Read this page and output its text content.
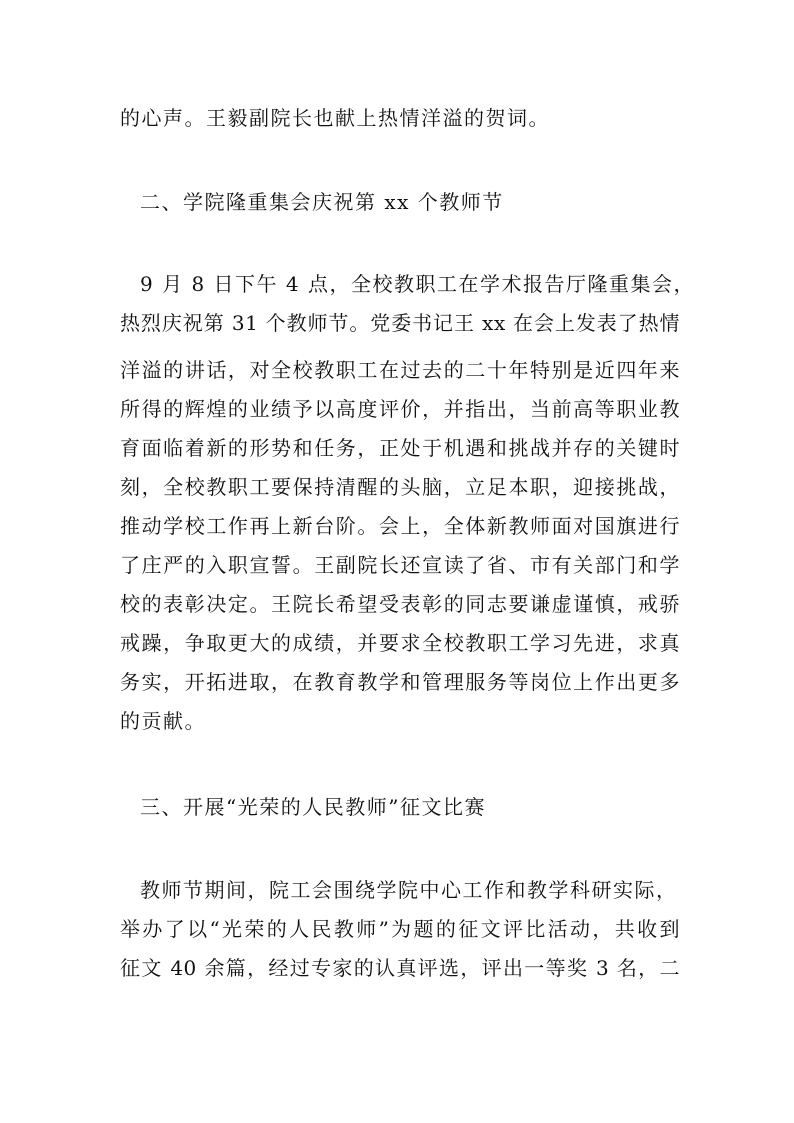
的心声。王毅副院长也献上热情洋溢的贺词。
二、学院隆重集会庆祝第 xx 个教师节
9 月 8 日下午 4 点，全校教职工在学术报告厅隆重集会，
热烈庆祝第 31 个教师节。党委书记王 xx 在会上发表了热情
洋溢的讲话，对全校教职工在过去的二十年特别是近四年来
所得的辉煌的业绩予以高度评价，并指出，当前高等职业教
育面临着新的形势和任务，正处于机遇和挑战并存的关键时
刻，全校教职工要保持清醒的头脑，立足本职，迎接挑战，
推动学校工作再上新台阶。会上，全体新教师面对国旗进行
了庄严的入职宣誓。王副院长还宣读了省、市有关部门和学
校的表彰决定。王院长希望受表彰的同志要谦虚谨慎，戒骄
戒躁，争取更大的成绩，并要求全校教职工学习先进，求真
务实，开拓进取，在教育教学和管理服务等岗位上作出更多
的贡献。
三、开展“光荣的人民教师”征文比赛
教师节期间，院工会围绕学院中心工作和教学科研实际，
举办了以“光荣的人民教师”为题的征文评比活动，共收到
征文 40 余篇，经过专家的认真评选，评出一等奖 3 名，二
